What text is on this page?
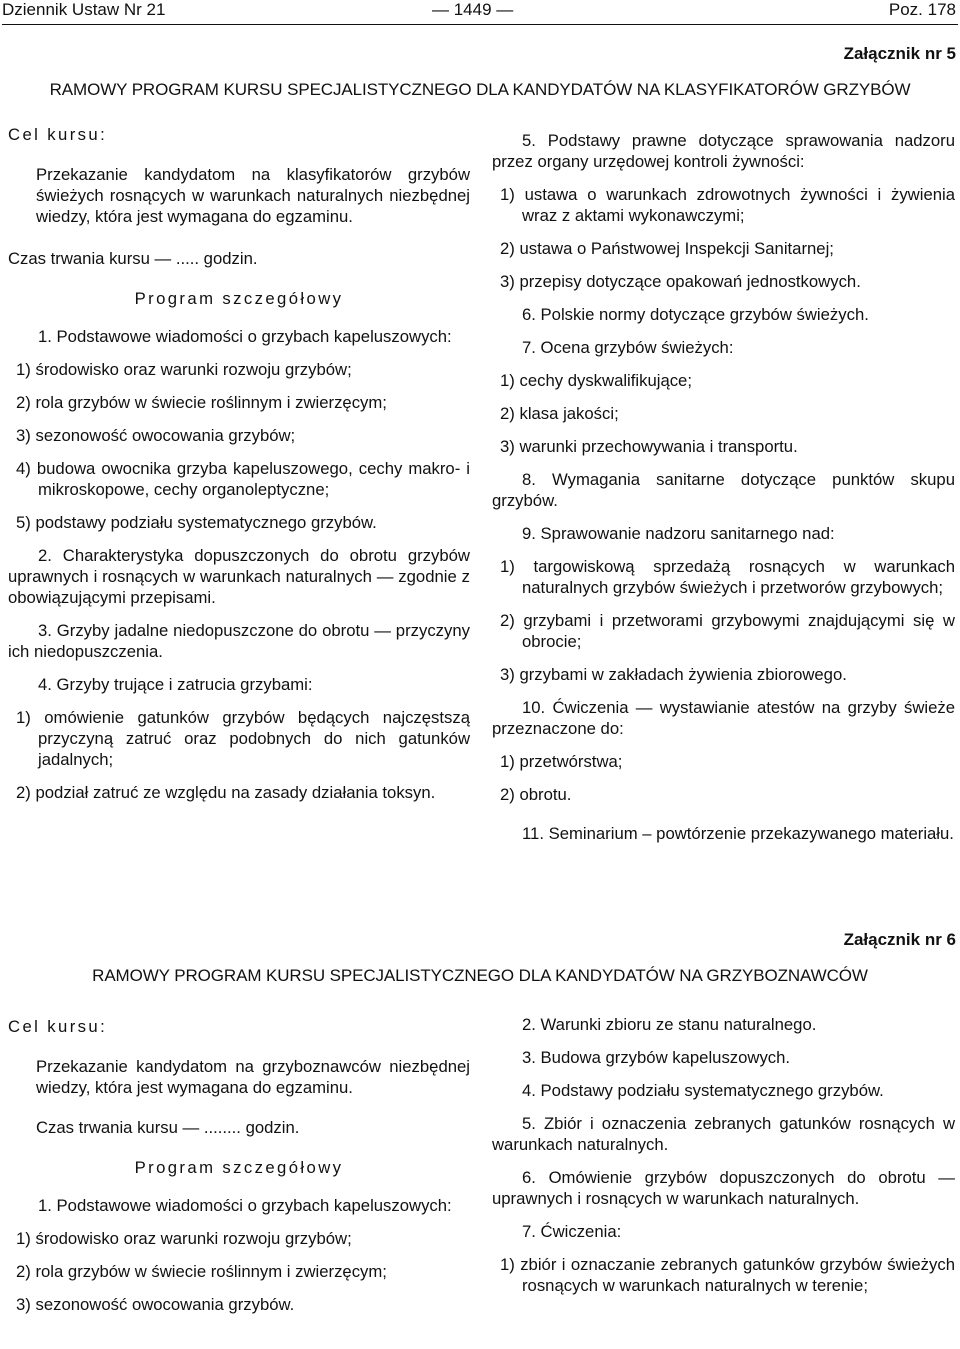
Dziennik Ustaw Nr 21	— 1449 —	Poz. 178
Załącznik nr 5
RAMOWY PROGRAM KURSU SPECJALISTYCZNEGO DLA KANDYDATÓW NA KLASYFIKATORÓW GRZYBÓW

Cel kursu:

Przekazanie kandydatom na klasyfikatorów grzybów świeżych rosnących w warunkach naturalnych niezbędnej wiedzy, która jest wymagana do egzaminu.

Czas trwania kursu — ..... godzin.

Program szczegółowy

1. Podstawowe wiadomości o grzybach kapeluszowych:

1) środowisko oraz warunki rozwoju grzybów;

2) rola grzybów w świecie roślinnym i zwierzęcym;

3) sezonowość owocowania grzybów;

4) budowa owocnika grzyba kapeluszowego, cechy makro- i mikroskopowe, cechy organoleptyczne;

5) podstawy podziału systematycznego grzybów.

2. Charakterystyka dopuszczonych do obrotu grzybów uprawnych i rosnących w warunkach naturalnych — zgodnie z obowiązującymi przepisami.

3. Grzyby jadalne niedopuszczone do obrotu — przyczyny ich niedopuszczenia.

4. Grzyby trujące i zatrucia grzybami:

1) omówienie gatunków grzybów będących najczęstszą przyczyną zatruć oraz podobnych do nich gatunków jadalnych;

2) podział zatruć ze względu na zasady działania toksyn.

5. Podstawy prawne dotyczące sprawowania nadzoru przez organy urzędowej kontroli żywności:

1) ustawa o warunkach zdrowotnych żywności i żywienia wraz z aktami wykonawczymi;

2) ustawa o Państwowej Inspekcji Sanitarnej;

3) przepisy dotyczące opakowań jednostkowych.

6. Polskie normy dotyczące grzybów świeżych.

7. Ocena grzybów świeżych:

1) cechy dyskwalifikujące;

2) klasa jakości;

3) warunki przechowywania i transportu.

8. Wymagania sanitarne dotyczące punktów skupu grzybów.

9. Sprawowanie nadzoru sanitarnego nad:

1) targowiskową sprzedażą rosnących w warunkach naturalnych grzybów świeżych i przetworów grzybowych;

2) grzybami i przetworami grzybowymi znajdującymi się w obrocie;

3) grzybami w zakładach żywienia zbiorowego.

10. Ćwiczenia — wystawianie atestów na grzyby świeże przeznaczone do:

1) przetwórstwa;

2) obrotu.

11. Seminarium – powtórzenie przekazywanego materiału.

Załącznik nr 6
RAMOWY PROGRAM KURSU SPECJALISTYCZNEGO DLA KANDYDATÓW NA GRZYBOZNAWCÓW

Cel kursu:

Przekazanie kandydatom na grzyboznawców niezbędnej wiedzy, która jest wymagana do egzaminu.

Czas trwania kursu — ........ godzin.

Program szczegółowy

1. Podstawowe wiadomości o grzybach kapeluszowych:

1) środowisko oraz warunki rozwoju grzybów;

2) rola grzybów w świecie roślinnym i zwierzęcym;

3) sezonowość owocowania grzybów.

2. Warunki zbioru ze stanu naturalnego.

3. Budowa grzybów kapeluszowych.

4. Podstawy podziału systematycznego grzybów.

5. Zbiór i oznaczenia zebranych gatunków rosnących w warunkach naturalnych.

6. Omówienie grzybów dopuszczonych do obrotu — uprawnych i rosnących w warunkach naturalnych.

7. Ćwiczenia:

1) zbiór i oznaczanie zebranych gatunków grzybów świeżych rosnących w warunkach naturalnych w terenie;
